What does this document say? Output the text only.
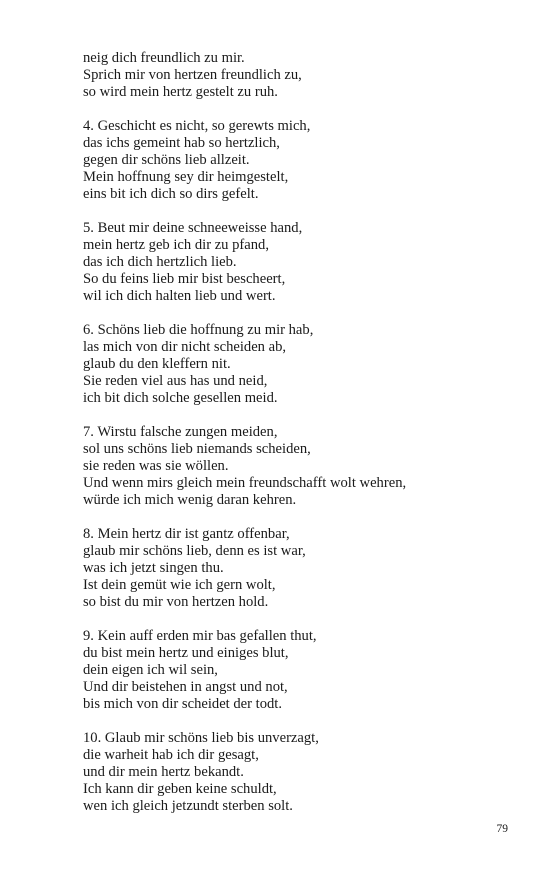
neig dich freundlich zu mir.
Sprich mir von hertzen freundlich zu,
so wird mein hertz gestelt zu ruh.
4. Geschicht es nicht, so gerewts mich,
das ichs gemeint hab so hertzlich,
gegen dir schöns lieb allzeit.
Mein hoffnung sey dir heimgestelt,
eins bit ich dich so dirs gefelt.
5. Beut mir deine schneeweisse hand,
mein hertz geb ich dir zu pfand,
das ich dich hertzlich lieb.
So du feins lieb mir bist bescheert,
wil ich dich halten lieb und wert.
6. Schöns lieb die hoffnung zu mir hab,
las mich von dir nicht scheiden ab,
glaub du den kleffern nit.
Sie reden viel aus has und neid,
ich bit dich solche gesellen meid.
7. Wirstu falsche zungen meiden,
sol uns schöns lieb niemands scheiden,
sie reden was sie wöllen.
Und wenn mirs gleich mein freundschafft wolt wehren,
würde ich mich wenig daran kehren.
8. Mein hertz dir ist gantz offenbar,
glaub mir schöns lieb, denn es ist war,
was ich jetzt singen thu.
Ist dein gemüt wie ich gern wolt,
so bist du mir von hertzen hold.
9. Kein auff erden mir bas gefallen thut,
du bist mein hertz und einiges blut,
dein eigen ich wil sein,
Und dir beistehen in angst und not,
bis mich von dir scheidet der todt.
10. Glaub mir schöns lieb bis unverzagt,
die warheit hab ich dir gesagt,
und dir mein hertz bekandt.
Ich kann dir geben keine schuldt,
wen ich gleich jetzundt sterben solt.
79
